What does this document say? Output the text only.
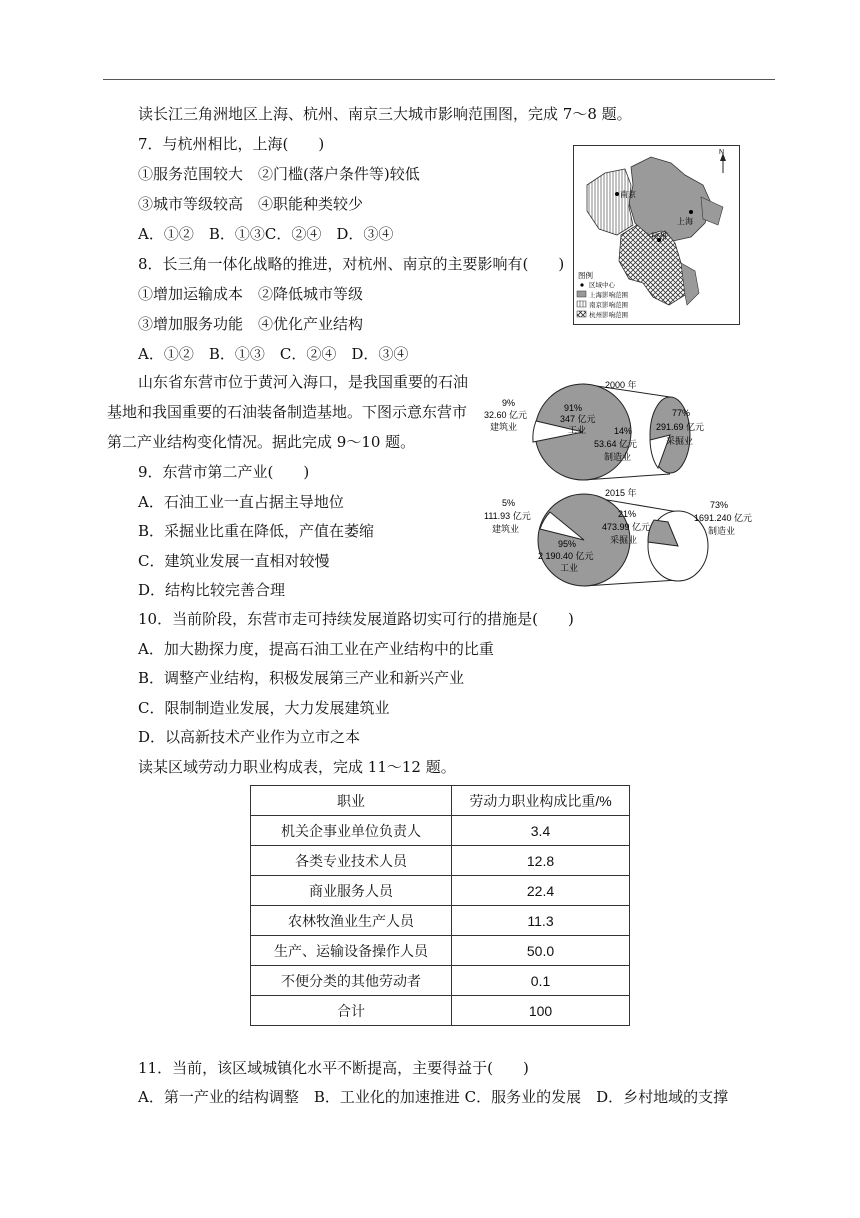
读长江三角洲地区上海、杭州、南京三大城市影响范围图，完成 7～8 题。
7．与杭州相比，上海(　　)
①服务范围较大　②门槛(落户条件等)较低
③城市等级较高　④职能种类较少
A．①②　B．①③C．②④　D．③④
8．长三角一体化战略的推进，对杭州、南京的主要影响有(　　)
①增加运输成本　②降低城市等级
③增加服务功能　④优化产业结构
A．①②　B．①③　C．②④　D．③④
N
南京
上海
杭州
图例
区域中心
上海影响范围
南京影响范围
杭州影响范围
山东省东营市位于黄河入海口，是我国重要的石油
基地和我国重要的石油装备制造基地。下图示意东营市
第二产业结构变化情况。据此完成 9～10 题。
9．东营市第二产业(　　)
A．石油工业一直占据主导地位
B．采掘业比重在降低，产值在萎缩
C．建筑业发展一直相对较慢
D．结构比较完善合理
2000 年
91%
347 亿元
工业
9%
32.60 亿元
建筑业
77%
291.69 亿元
采掘业
14%
53.64 亿元
制造业
2015 年
5%
111.93 亿元
建筑业
95%
2 190.40 亿元
工业
21%
473.99 亿元
采掘业
73%
1691.240 亿元
制造业
10．当前阶段，东营市走可持续发展道路切实可行的措施是(　　)
A．加大勘探力度，提高石油工业在产业结构中的比重
B．调整产业结构，积极发展第三产业和新兴产业
C．限制制造业发展，大力发展建筑业
D．以高新技术产业作为立市之本
读某区域劳动力职业构成表，完成 11～12 题。
职业	劳动力职业构成比重/%
机关企事业单位负责人	3.4
各类专业技术人员	12.8
商业服务人员	22.4
农林牧渔业生产人员	11.3
生产、运输设备操作人员	50.0
不便分类的其他劳动者	0.1
合计	100
11．当前，该区域城镇化水平不断提高，主要得益于(　　)
A．第一产业的结构调整　B．工业化的加速推进 C．服务业的发展　D．乡村地域的支撑
